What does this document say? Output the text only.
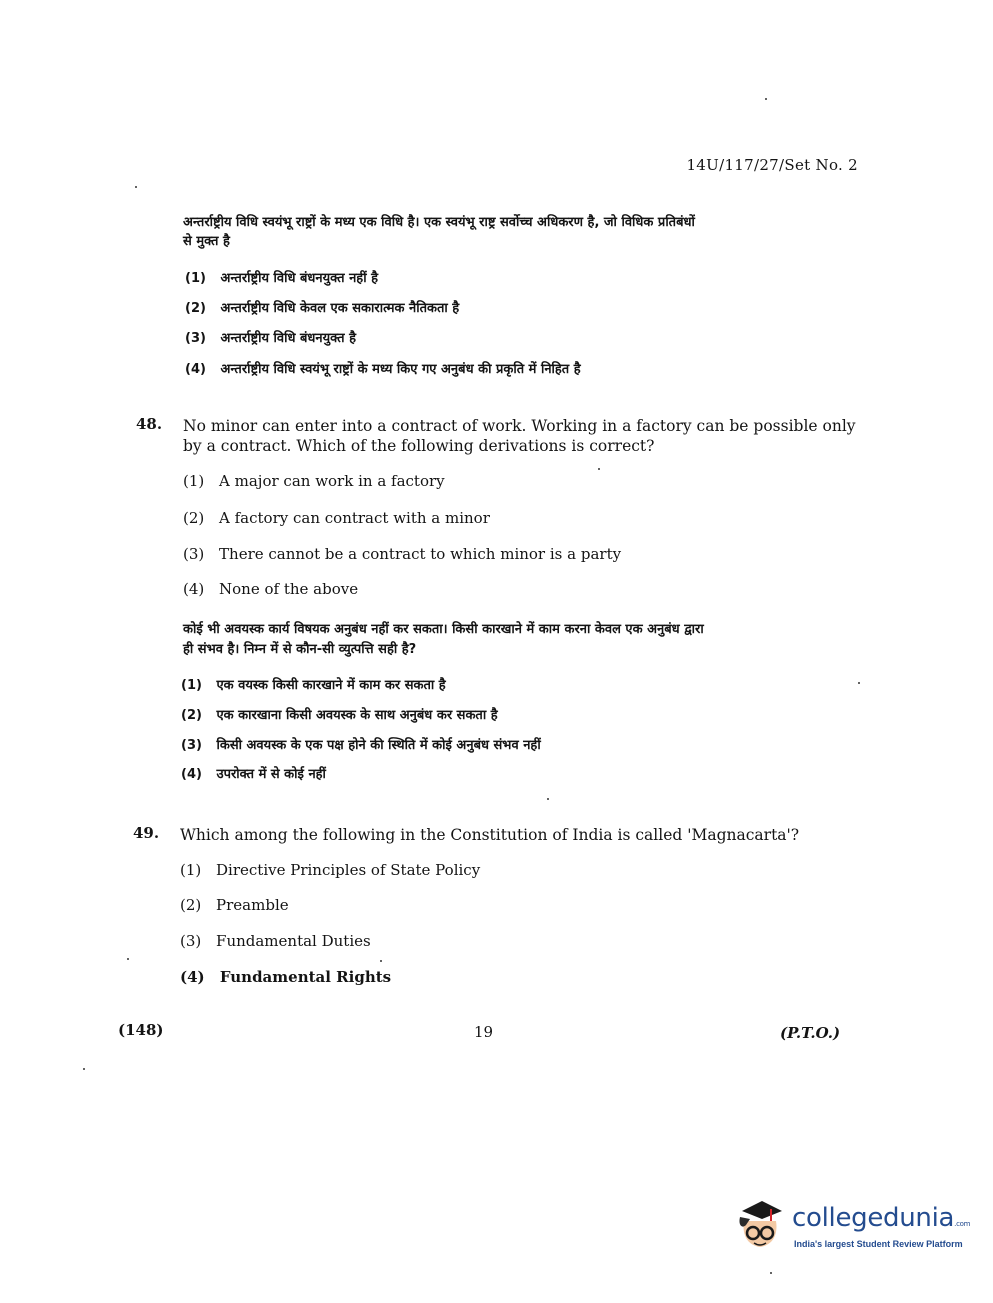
14U/117/27/Set No. 2
अन्तर्राष्ट्रीय विधि स्वयंभू राष्ट्रों के मध्य एक विधि है। एक स्वयंभू राष्ट्र सर्वोच्च अधिकरण है, जो विधिक प्रतिबंधों
से मुक्त है
(1) अन्तर्राष्ट्रीय विधि बंधनयुक्त नहीं है
(2) अन्तर्राष्ट्रीय विधि केवल एक सकारात्मक नैतिकता है
(3) अन्तर्राष्ट्रीय विधि बंधनयुक्त है
(4) अन्तर्राष्ट्रीय विधि स्वयंभू राष्ट्रों के मध्य किए गए अनुबंध की प्रकृति में निहित है
48. No minor can enter into a contract of work. Working in a factory can be possible only
by a contract. Which of the following derivations is correct?
(1) A major can work in a factory
(2) A factory can contract with a minor
(3) There cannot be a contract to which minor is a party
(4) None of the above
कोई भी अवयस्क कार्य विषयक अनुबंध नहीं कर सकता। किसी कारखाने में काम करना केवल एक अनुबंध द्वारा
ही संभव है। निम्न में से कौन-सी व्युत्पत्ति सही है?
(1) एक वयस्क किसी कारखाने में काम कर सकता है
(2) एक कारखाना किसी अवयस्क के साथ अनुबंध कर सकता है
(3) किसी अवयस्क के एक पक्ष होने की स्थिति में कोई अनुबंध संभव नहीं
(4) उपरोक्त में से कोई नहीं
49. Which among the following in the Constitution of India is called 'Magnacarta'?
(1) Directive Principles of State Policy
(2) Preamble
(3) Fundamental Duties
(4) Fundamental Rights
(148)	19	(P.T.O.)
collegedunia.com
India's largest Student Review Platform
